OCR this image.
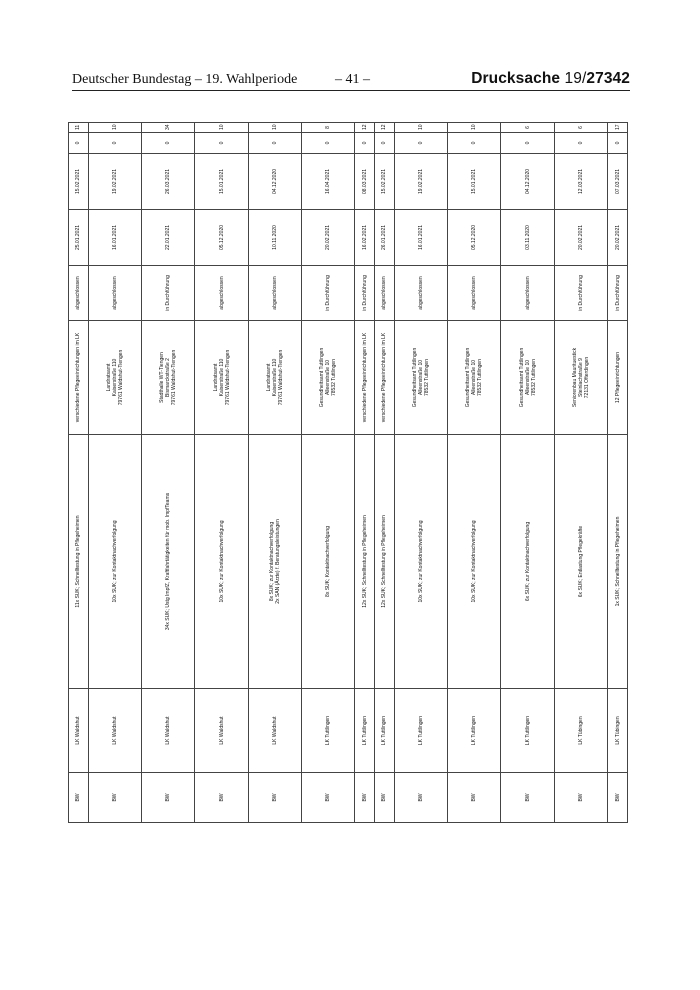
Deutscher Bundestag – 19. Wahlperiode	– 41 –	Drucksache 19/27342
BW	LK Waldshut	11x SUK; Schnelltestung in Pflegeheimen	verschiedene Pflegeeinrichtungen im LK	abgeschlossen	25.01.2021	15.02.2021	0	11
BW	LK Waldshut	10x SUK; zur Kontaktnachverfolgung	Landratsamt
Kaiserstraße 110
79761 Waldshut-Tiengen	abgeschlossen	16.01.2021	19.02.2021	0	10
BW	LK Waldshut	34x SUK; Ustg ImpfZ, Kraftfahrtätigkeiten für mob. ImpfTeams	Stadthalle WT-Tiengen
Bismarckstraße 2
79761 Waldshut-Tiengen	in Durchführung	22.01.2021	26.03.2021	0	34
BW	LK Waldshut	10x SUK; zur Kontaktnachverfolgung	Landratsamt
Kaiserstraße 110
79761 Waldshut-Tiengen	abgeschlossen	05.12.2020	15.01.2021	0	10
BW	LK Waldshut	8x SUK; zur Kontaktnachverfolgung
2x SAN (Ärzte) f. Beratungsleistungen	Landratsamt
Kaiserstraße 110
79761 Waldshut-Tiengen	abgeschlossen	10.11.2020	04.12.2020	0	10
BW	LK Tuttlingen	8x SUK; Kontaktnachverfolgung	Gesundheitsamt Tuttlingen
Alleenstraße 10
78532 Tuttlingen	in Durchführung	20.02.2021	16.04.2021	0	8
BW	LK Tuttlingen	12x SUK; Schnelltestung in Pflegeheimen	verschiedene Pflegeeinrichtungen im LK	in Durchführung	16.02.2021	08.03.2021	0	12
BW	LK Tuttlingen	12x SUK; Schnelltestung in Pflegeheimen	verschiedene Pflegeeinrichtungen im LK	abgeschlossen	26.01.2021	15.02.2021	0	12
BW	LK Tuttlingen	10x SUK; zur Kontaktnachverfolgung	Gesundheitsamt Tuttlingen
Alleenstraße 10
78532 Tuttlingen	abgeschlossen	16.01.2021	19.02.2021	0	10
BW	LK Tuttlingen	10x SUK; zur Kontaktnachverfolgung	Gesundheitsamt Tuttlingen
Alleenstraße 10
78532 Tuttlingen	abgeschlossen	05.12.2020	15.01.2021	0	10
BW	LK Tuttlingen	6x SUK; zur Kontaktnachverfolgung	Gesundheitsamt Tuttlingen
Alleenstraße 10
78532 Tuttlingen	abgeschlossen	03.11.2020	04.12.2020	0	6
BW	LK Tübingen	6x SUK; Entlastung Pflegekräfte	Seniorenbau Maurituestick
Steinlachstraße 9
72131 Ofterdingen	in Durchführung	20.02.2021	12.03.2021	0	6
BW	LK Tübingen	1x SUK; Schnelltestung in Pflegeheimen	12 Pflegeeinrichtungen	in Durchführung	20.02.2021	07.03.2021	0	17
